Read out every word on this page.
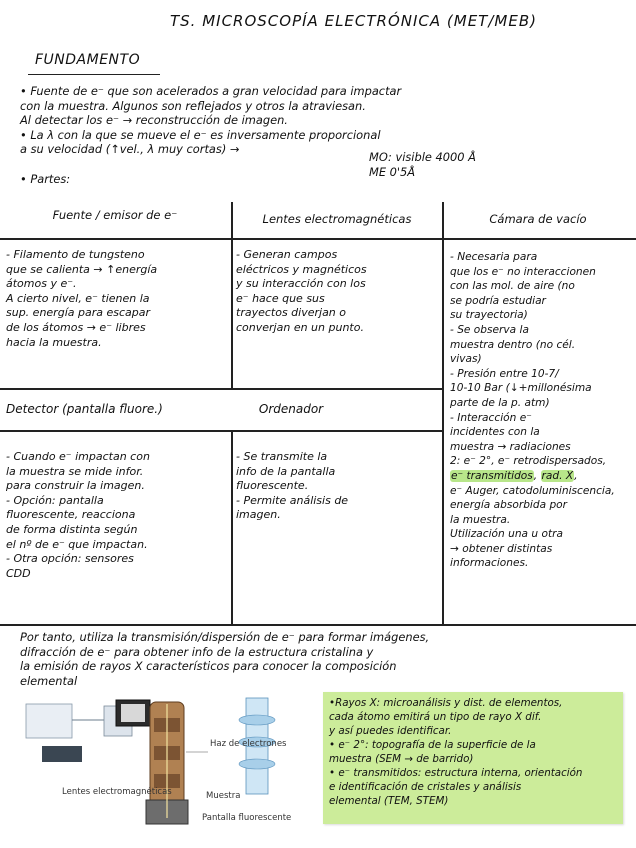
TS. MICROSCOPÍA ELECTRÓNICA (MET/MEB)
FUNDAMENTO
• Fuente de e⁻ que son acelerados a gran velocidad para impactar
con la muestra. Algunos son reflejados y otros la atraviesan.
Al detectar los e⁻ → reconstrucción de imagen.
• La λ con la que se mueve el e⁻ es inversamente proporcional
a su velocidad (↑vel., λ muy cortas) →
• Partes:
MO: visible 4000 Å
ME 0'5Å
Fuente / emisor de e⁻	Lentes electromagnéticas	Cámara de vacío
- Filamento de tungsteno
que se calienta → ↑energía
átomos y e⁻.
A cierto nivel, e⁻ tienen la
sup. energía para escapar
de los átomos → e⁻ libres
hacia la muestra.
- Generan campos
eléctricos y magnéticos
y su interacción con los
e⁻ hace que sus
trayectos diverjan o
converjan en un punto.
- Necesaria para
que los e⁻ no interaccionen
con las mol. de aire (no
se podría estudiar
su trayectoria)
- Se observa la
muestra dentro (no cél.
vivas)
- Presión entre 10-7/
10-10 Bar (↓+millonésima
parte de la p. atm)
- Interacción e⁻
incidentes con la
muestra → radiaciones
2: e⁻ 2°, e⁻ retrodispersados,
e⁻ transmitidos, rad. X,
e⁻ Auger, catodoluminiscencia,
energía absorbida por
la muestra.
Utilización una u otra
→ obtener distintas
informaciones.
Detector (pantalla fluore.)	Ordenador
- Cuando e⁻ impactan con
la muestra se mide infor.
para construir la imagen.
- Opción: pantalla
fluorescente, reacciona
de forma distinta según
el nº de e⁻ que impactan.
- Otra opción: sensores
CDD
- Se transmite la
info de la pantalla
fluorescente.
- Permite análisis de
imagen.
Por tanto, utiliza la transmisión/dispersión de e⁻ para formar imágenes,
difracción de e⁻ para obtener info de la estructura cristalina y
la emisión de rayos X característicos para conocer la composición
elemental
Haz de electrones
Lentes electromagnéticas	Muestra
Pantalla fluorescente
•Rayos X: microanálisis y dist. de elementos,
cada átomo emitirá un tipo de rayo X dif.
y así puedes identificar.
• e⁻ 2°: topografía de la superficie de la
muestra (SEM → de barrido)
• e⁻ transmitidos: estructura interna, orientación
e identificación de cristales y análisis
elemental (TEM, STEM)
